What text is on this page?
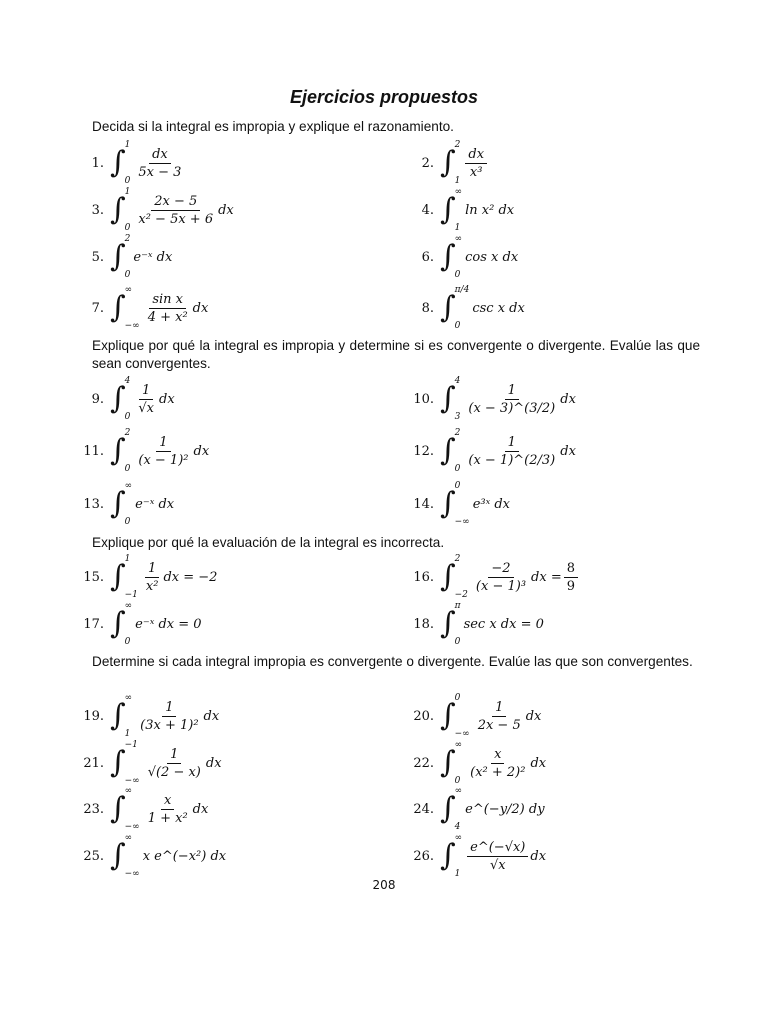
Ejercicios propuestos
Decida si la integral es impropia y explique el razonamiento.
Explique por qué la integral es impropia y determine si es convergente o divergente. Evalúe las que sean convergentes.
Explique por qué la evaluación de la integral es incorrecta.
Determine si cada integral impropia es convergente o divergente. Evalúe las que son convergentes.
1. ∫ 1
0
$\frac{dx}{5x - 3}$	2. ∫ 2
1
$\frac{dx}{\text{x³}}$
3. ∫ 1
0
$\frac{2x - 5}{\text{x² − 5x + 6}}$ dx	4. ∫ ∞
1
ln x² dx
5. ∫ 2
0
e⁻ˣ dx	6. ∫ ∞
0
cos x dx
7. ∫ ∞
−∞
$\frac{\text{sin x}}{\text{4 + x²}}$ dx	8. ∫ π/4
0
csc x dx
9. ∫ 4
0
$\frac{1}{√x}$ dx	10. ∫ 4
3
$\frac{1}{(x - 3)\^{}(3/2)}$ dx
11. ∫ 2
0
$\frac{1}{\text{(x − 1)²}}$ dx	12. ∫ 2
0
$\frac{1}{(x - 1)\^{}(2/3)}$ dx
13. ∫ ∞
0
e⁻ˣ dx	14. ∫ 0
−∞
e³ˣ dx
15. ∫ 1
−1
$\frac{1}{\text{x²}}$ dx = −2	16. ∫ 2
−2
$\frac{-2}{\text{(x − 1)³}}$ dx = $\frac{8}{9}$
17. ∫ ∞
0
e⁻ˣ dx = 0	18. ∫ π
0
sec x dx = 0
19. ∫ ∞
1
$\frac{1}{\text{(3x + 1)²}}$ dx	20. ∫ 0
−∞
$\frac{1}{2x - 5}$ dx
21. ∫ −1
−∞
$\frac{1}{√(2 - x)}$ dx	22. ∫ ∞
0
$\frac{x}{\text{(x² + 2)²}}$ dx
23. ∫ ∞
−∞
$\frac{x}{\text{1 + x²}}$ dx	24. ∫ ∞
4
e^(−y/2) dy
25. ∫ ∞
−∞
x e^(−x²) dx	26. ∫ ∞
1
$\frac{e\^{}(-√x)}{√x}$ dx
208
